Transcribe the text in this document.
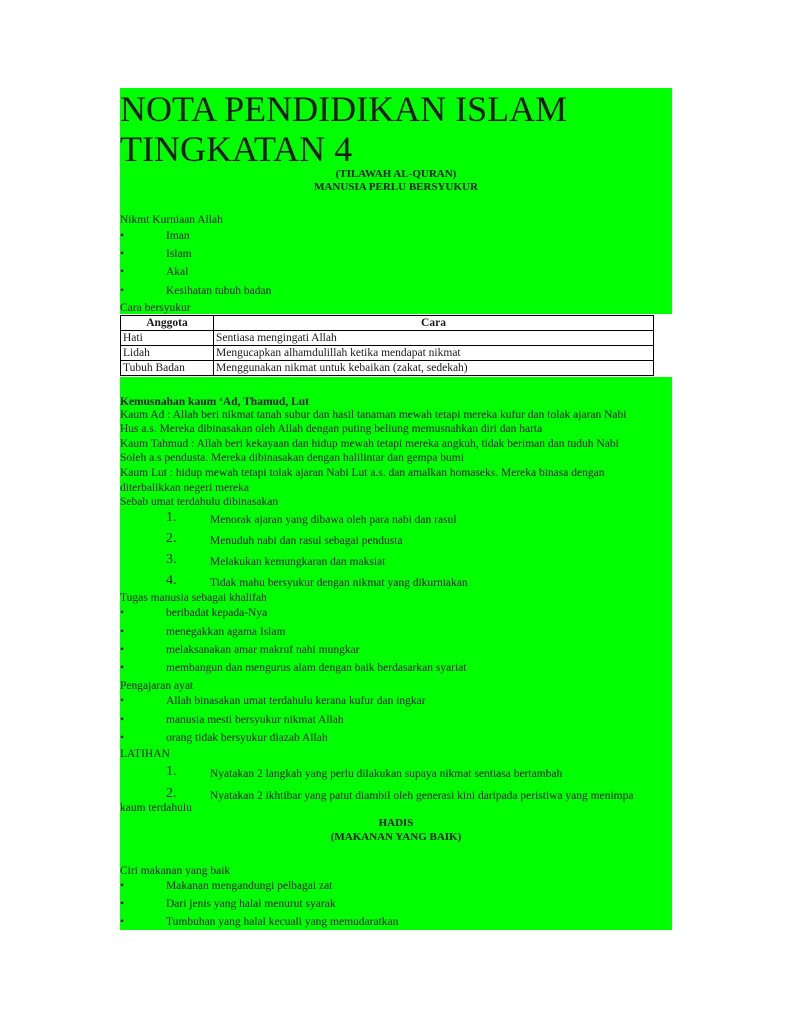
NOTA PENDIDIKAN ISLAM
TINGKATAN 4
(TILAWAH AL-QURAN)
MANUSIA PERLU BERSYUKUR
Nikmt Kurniaan Allah
•	Iman
•	Islam
•	Akal
•	Kesihatan tubuh badan
Cara bersyukur
Anggota	Cara
Hati	Sentiasa mengingati Allah
Lidah	Mengucapkan alhamdulillah ketika mendapat nikmat
Tubuh Badan	Menggunakan nikmat untuk kebaikan (zakat, sedekah)
Kemusnahan kaum ‘Ad, Thamud, Lut
Kaum Ad : Allah beri nikmat tanah subur dan hasil tanaman mewah tetapi mereka kufur dan tolak ajaran Nabi
Hus a.s. Mereka dibinasakan oleh Allah dengan puting beliung memusnahkan diri dan harta
Kaum Tahmud : Allah beri kekayaan dan hidup mewah tetapi mereka angkuh, tidak beriman dan tuduh Nabi
Soleh a.s pendusta. Mereka dibinasakan dengan halilintar dan gempa bumi
Kaum Lut : hidup mewah tetapi tolak ajaran Nabi Lut a.s. dan amalkan homaseks. Mereka binasa dengan
diterbalikkan negeri mereka
Sebab umat terdahulu dibinasakan
1.	Menorak ajaran yang dibawa oleh para nabi dan rasul
2.	Menuduh nabi dan rasul sebagai pendusta
3.	Melakukan kemungkaran dan maksiat
4.	Tidak mahu bersyukur dengan nikmat yang dikurniakan
Tugas manusia sebagai khalifah
•	beribadat kepada-Nya
•	menegakkan agama Islam
•	melaksanakan amar makruf nahi mungkar
•	membangun dan mengurus alam dengan baik berdasarkan syariat
Pengajaran ayat
•	Allah binasakan umat terdahulu kerana kufur dan ingkar
•	manusia mesti bersyukur nikmat Allah
•	orang tidak bersyukur diazab Allah
LATIHAN
1.	Nyatakan 2 langkah yang perlu dilakukan supaya nikmat sentiasa bertambah
2.	Nyatakan 2 ikhtibar yang patut diambil oleh generasi kini daripada peristiwa yang menimpa
kaum terdahulu
HADIS
(MAKANAN YANG BAIK)
Ciri makanan yang baik
•	Makanan mengandungi pelbagai zat
•	Dari jenis yang halal menurut syarak
•	Tumbuhan yang halal kecuali yang memudaratkan
